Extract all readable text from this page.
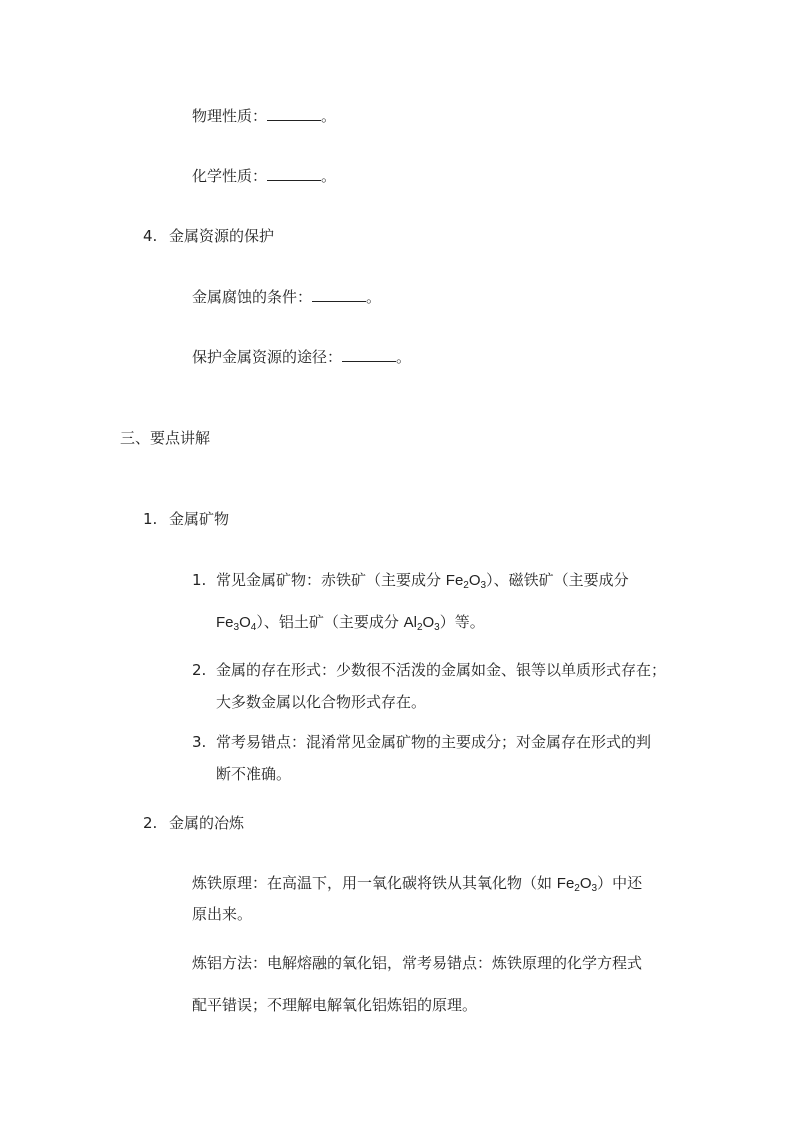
物理性质：	。
化学性质：	。
4. 金属资源的保护
金属腐蚀的条件：	。
保护金属资源的途径：	。
三、要点讲解
1. 金属矿物
1. 常见金属矿物：赤铁矿（主要成分 $Fe_2O_3$）、磁铁矿（主要成分
$Fe_3O_4$）、铝土矿（主要成分 $Al_2O_3$）等。
2. 金属的存在形式：少数很不活泼的金属如金、银等以单质形式存在；
大多数金属以化合物形式存在。
3. 常考易错点：混淆常见金属矿物的主要成分；对金属存在形式的判
断不准确。
2. 金属的冶炼
炼铁原理：在高温下，用一氧化碳将铁从其氧化物（如 $Fe_2O_3$）中还
原出来。
炼铝方法：电解熔融的氧化铝，常考易错点：炼铁原理的化学方程式
配平错误；不理解电解氧化铝炼铝的原理。
